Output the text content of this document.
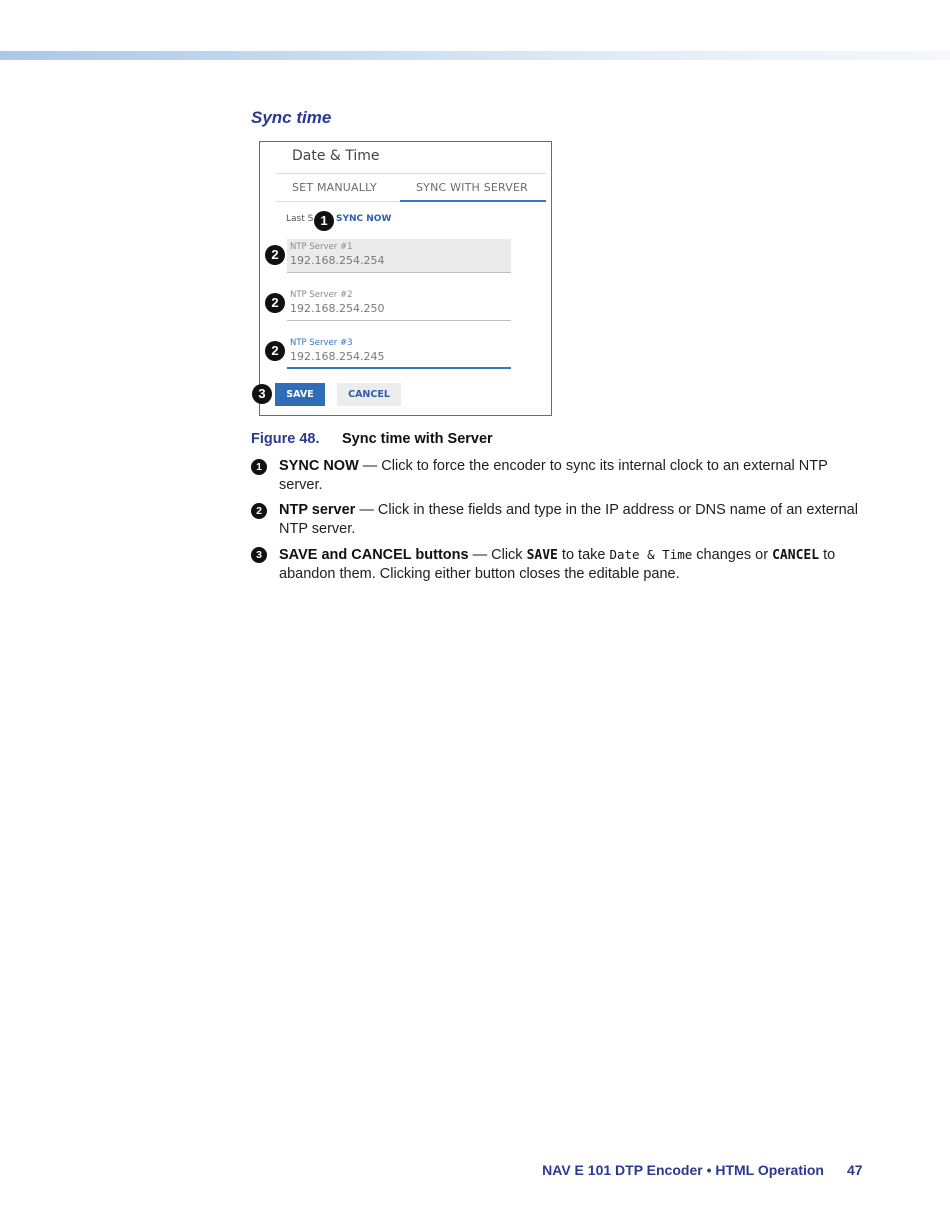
Sync time
Date & Time
SET MANUALLY	SYNC WITH SERVER
Last S	SYNC NOW
NTP Server #1
192.168.254.254
NTP Server #2
192.168.254.250
NTP Server #3
192.168.254.245
SAVE	CANCEL
1
2
2
2
3
Figure 48. Sync time with Server
1	SYNC NOW — Click to force the encoder to sync its internal clock to an external NTP server.
2	NTP server — Click in these fields and type in the IP address or DNS name of an external NTP server.
3	SAVE and CANCEL buttons — Click SAVE to take Date & Time changes or CANCEL to abandon them. Clicking either button closes the editable pane.
NAV E 101 DTP Encoder • HTML Operation 47
